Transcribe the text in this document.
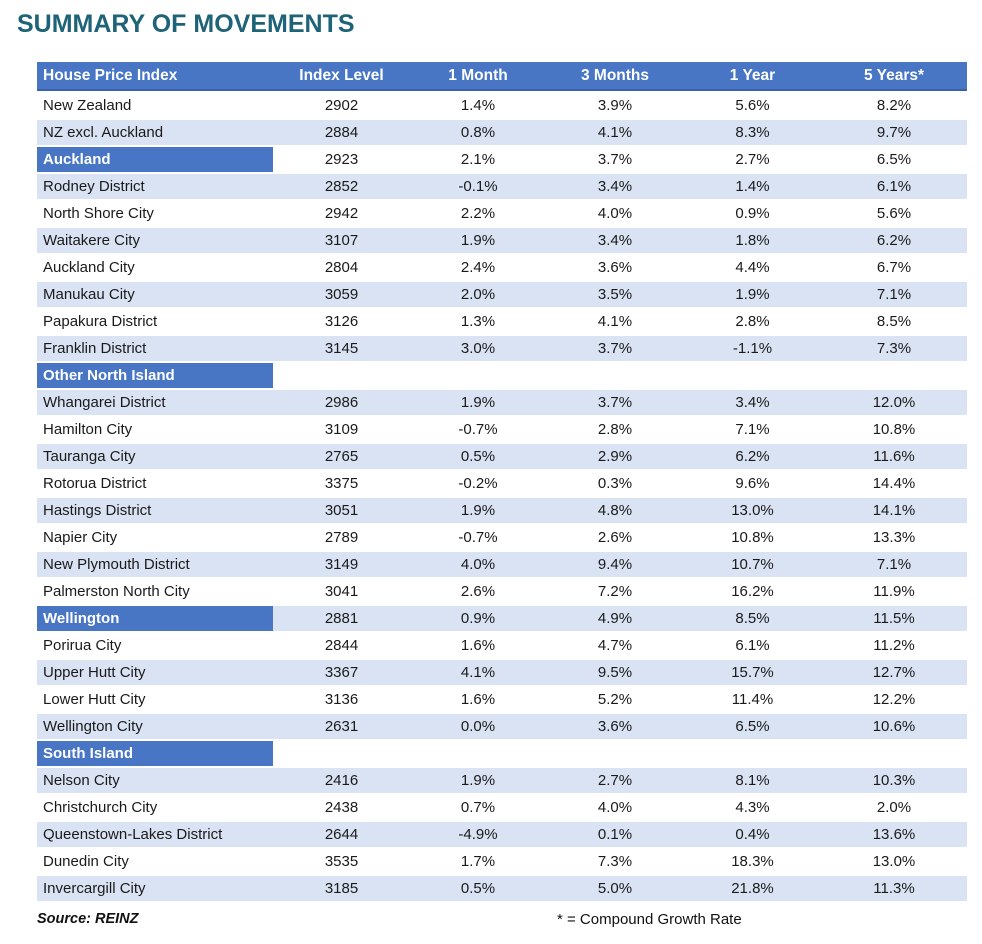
SUMMARY OF MOVEMENTS
House Price Index	Index Level	1 Month	3 Months	1 Year	5 Years*
New Zealand	2902	1.4%	3.9%	5.6%	8.2%
NZ excl. Auckland	2884	0.8%	4.1%	8.3%	9.7%
Auckland	2923	2.1%	3.7%	2.7%	6.5%
Rodney District	2852	-0.1%	3.4%	1.4%	6.1%
North Shore City	2942	2.2%	4.0%	0.9%	5.6%
Waitakere City	3107	1.9%	3.4%	1.8%	6.2%
Auckland City	2804	2.4%	3.6%	4.4%	6.7%
Manukau City	3059	2.0%	3.5%	1.9%	7.1%
Papakura District	3126	1.3%	4.1%	2.8%	8.5%
Franklin District	3145	3.0%	3.7%	-1.1%	7.3%
Other North Island					
Whangarei District	2986	1.9%	3.7%	3.4%	12.0%
Hamilton City	3109	-0.7%	2.8%	7.1%	10.8%
Tauranga City	2765	0.5%	2.9%	6.2%	11.6%
Rotorua District	3375	-0.2%	0.3%	9.6%	14.4%
Hastings District	3051	1.9%	4.8%	13.0%	14.1%
Napier City	2789	-0.7%	2.6%	10.8%	13.3%
New Plymouth District	3149	4.0%	9.4%	10.7%	7.1%
Palmerston North City	3041	2.6%	7.2%	16.2%	11.9%
Wellington	2881	0.9%	4.9%	8.5%	11.5%
Porirua City	2844	1.6%	4.7%	6.1%	11.2%
Upper Hutt City	3367	4.1%	9.5%	15.7%	12.7%
Lower Hutt City	3136	1.6%	5.2%	11.4%	12.2%
Wellington City	2631	0.0%	3.6%	6.5%	10.6%
South Island					
Nelson City	2416	1.9%	2.7%	8.1%	10.3%
Christchurch City	2438	0.7%	4.0%	4.3%	2.0%
Queenstown-Lakes District	2644	-4.9%	0.1%	0.4%	13.6%
Dunedin City	3535	1.7%	7.3%	18.3%	13.0%
Invercargill City	3185	0.5%	5.0%	21.8%	11.3%
Source: REINZ	* = Compound Growth Rate
